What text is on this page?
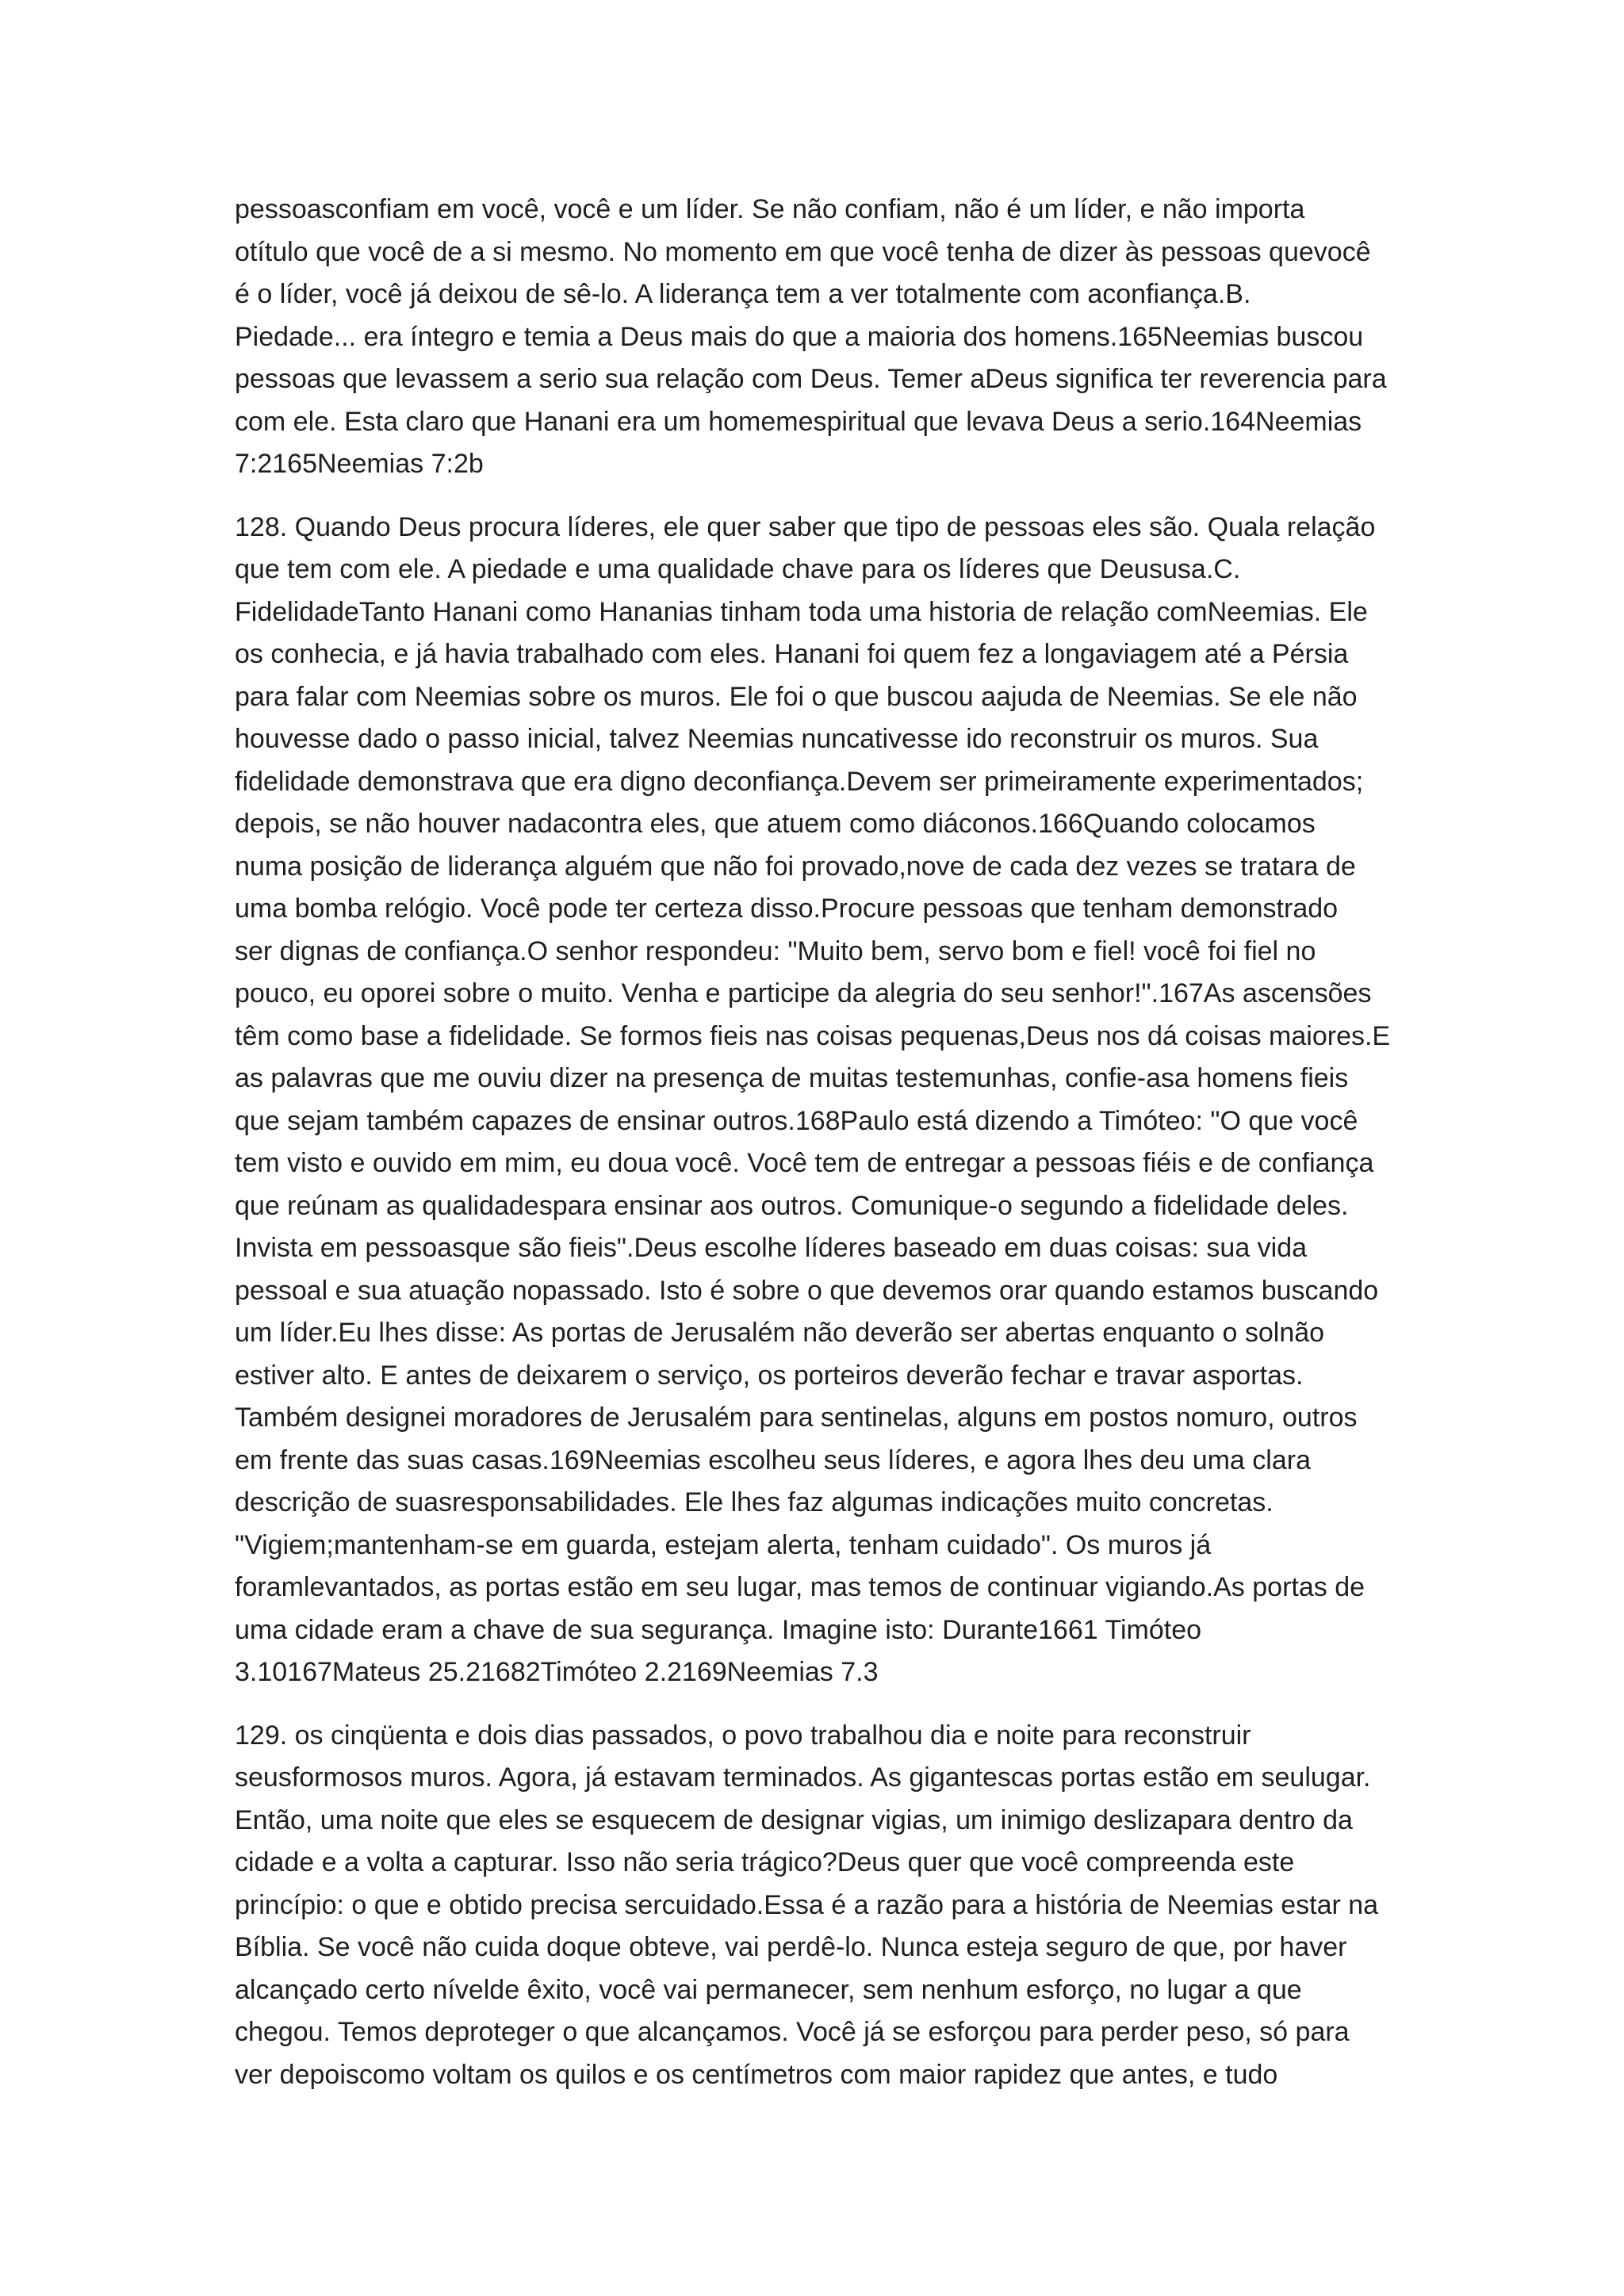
pessoasconfiam em você, você e um líder. Se não confiam, não é um líder, e não importa
otítulo que você de a si mesmo. No momento em que você tenha de dizer às pessoas quevocê
é o líder, você já deixou de sê-lo. A liderança tem a ver totalmente com aconfiança.B.
Piedade... era íntegro e temia a Deus mais do que a maioria dos homens.165Neemias buscou
pessoas que levassem a serio sua relação com Deus. Temer aDeus significa ter reverencia para
com ele. Esta claro que Hanani era um homemespiritual que levava Deus a serio.164Neemias
7:2165Neemias 7:2b

128. Quando Deus procura líderes, ele quer saber que tipo de pessoas eles são. Quala relação
que tem com ele. A piedade e uma qualidade chave para os líderes que Deususa.C.
FidelidadeTanto Hanani como Hananias tinham toda uma historia de relação comNeemias. Ele
os conhecia, e já havia trabalhado com eles. Hanani foi quem fez a longaviagem até a Pérsia
para falar com Neemias sobre os muros. Ele foi o que buscou aajuda de Neemias. Se ele não
houvesse dado o passo inicial, talvez Neemias nuncativesse ido reconstruir os muros. Sua
fidelidade demonstrava que era digno deconfiança.Devem ser primeiramente experimentados;
depois, se não houver nadacontra eles, que atuem como diáconos.166Quando colocamos
numa posição de liderança alguém que não foi provado,nove de cada dez vezes se tratara de
uma bomba relógio. Você pode ter certeza disso.Procure pessoas que tenham demonstrado
ser dignas de confiança.O senhor respondeu: "Muito bem, servo bom e fiel! você foi fiel no
pouco, eu oporei sobre o muito. Venha e participe da alegria do seu senhor!".167As ascensões
têm como base a fidelidade. Se formos fieis nas coisas pequenas,Deus nos dá coisas maiores.E
as palavras que me ouviu dizer na presença de muitas testemunhas, confie-asa homens fieis
que sejam também capazes de ensinar outros.168Paulo está dizendo a Timóteo: "O que você
tem visto e ouvido em mim, eu doua você. Você tem de entregar a pessoas fiéis e de confiança
que reúnam as qualidadespara ensinar aos outros. Comunique-o segundo a fidelidade deles.
Invista em pessoasque são fieis".Deus escolhe líderes baseado em duas coisas: sua vida
pessoal e sua atuação nopassado. Isto é sobre o que devemos orar quando estamos buscando
um líder.Eu lhes disse: As portas de Jerusalém não deverão ser abertas enquanto o solnão
estiver alto. E antes de deixarem o serviço, os porteiros deverão fechar e travar asportas.
Também designei moradores de Jerusalém para sentinelas, alguns em postos nomuro, outros
em frente das suas casas.169Neemias escolheu seus líderes, e agora lhes deu uma clara
descrição de suasresponsabilidades. Ele lhes faz algumas indicações muito concretas.
"Vigiem;mantenham-se em guarda, estejam alerta, tenham cuidado". Os muros já
foramlevantados, as portas estão em seu lugar, mas temos de continuar vigiando.As portas de
uma cidade eram a chave de sua segurança. Imagine isto: Durante1661 Timóteo
3.10167Mateus 25.21682Timóteo 2.2169Neemias 7.3

129. os cinqüenta e dois dias passados, o povo trabalhou dia e noite para reconstruir
seusformosos muros. Agora, já estavam terminados. As gigantescas portas estão em seulugar.
Então, uma noite que eles se esquecem de designar vigias, um inimigo deslizapara dentro da
cidade e a volta a capturar. Isso não seria trágico?Deus quer que você compreenda este
princípio: o que e obtido precisa sercuidado.Essa é a razão para a história de Neemias estar na
Bíblia. Se você não cuida doque obteve, vai perdê-lo. Nunca esteja seguro de que, por haver
alcançado certo nívelde êxito, você vai permanecer, sem nenhum esforço, no lugar a que
chegou. Temos deproteger o que alcançamos. Você já se esforçou para perder peso, só para
ver depoiscomo voltam os quilos e os centímetros com maior rapidez que antes, e tudo
